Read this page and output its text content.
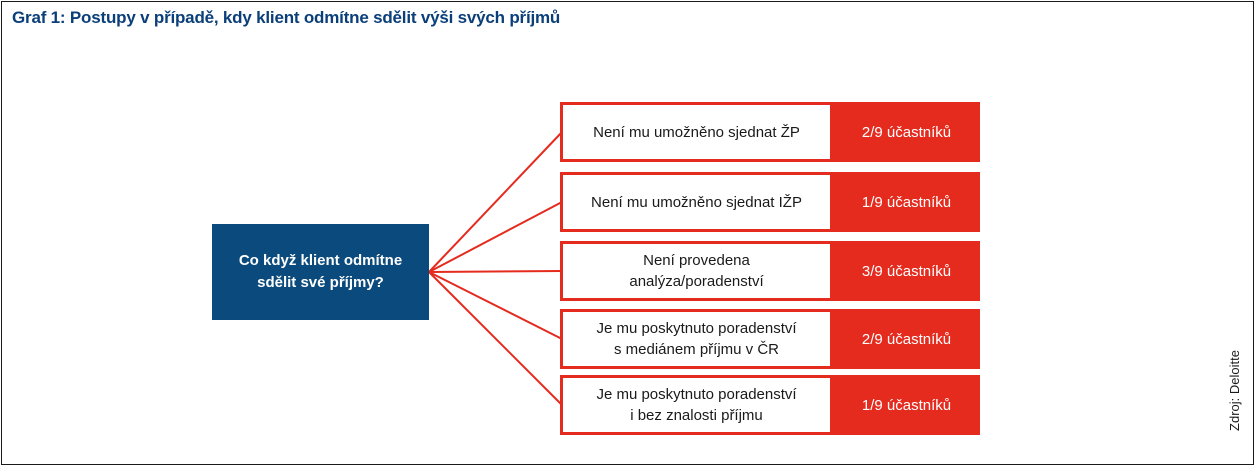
Graf 1: Postupy v případě, kdy klient odmítne sdělit výši svých příjmů
Co když klient odmítne
sdělit své příjmy?
Není mu umožněno sjednat ŽP	2/9 účastníků
Není mu umožněno sjednat IŽP	1/9 účastníků
Není provedena
analýza/poradenství
3/9 účastníků
Je mu poskytnuto poradenství
s mediánem příjmu v ČR
2/9 účastníků
Je mu poskytnuto poradenství
i bez znalosti příjmu
1/9 účastníků	Zdroj: Deloitte
